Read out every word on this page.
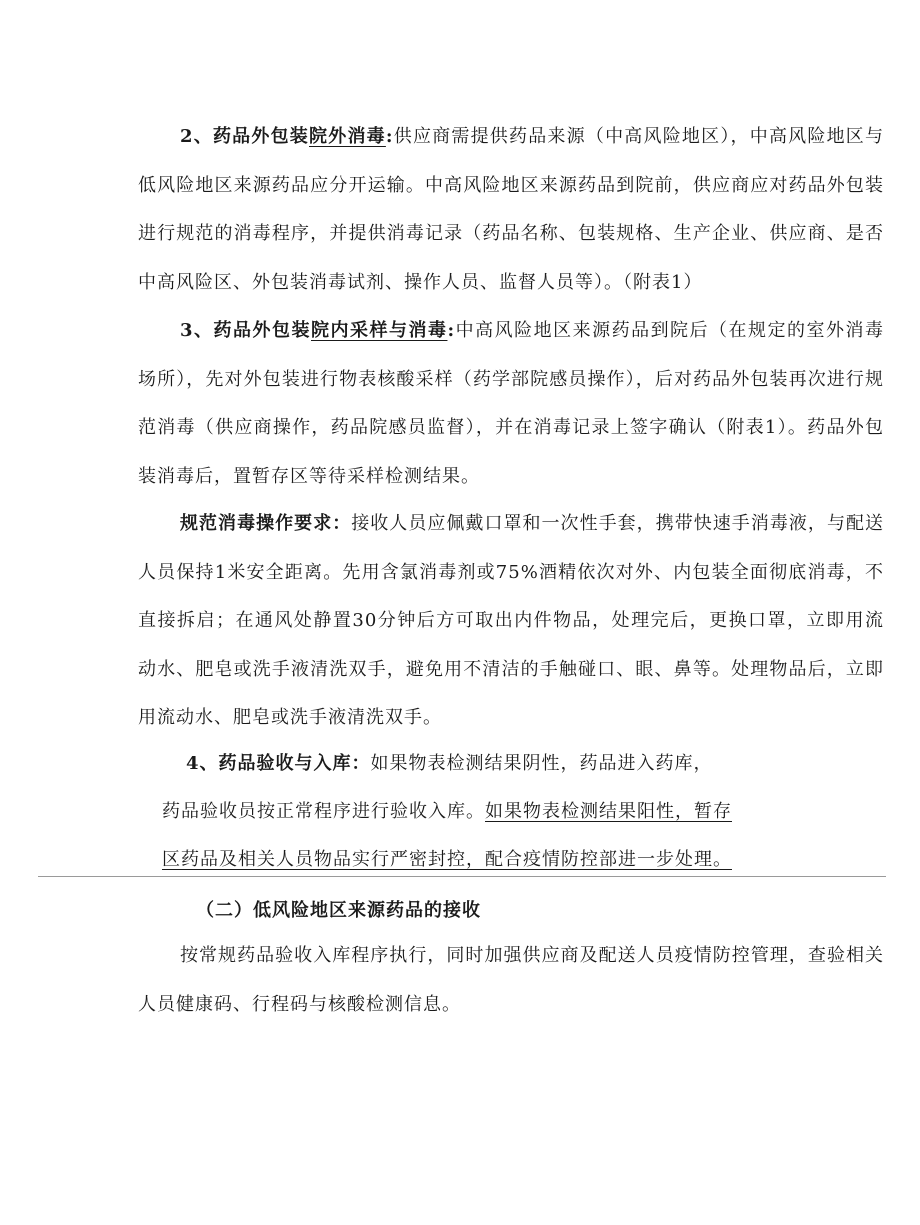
2、药品外包装院外消毒:供应商需提供药品来源（中高风险地区），中高风险地区与低风险地区来源药品应分开运输。中高风险地区来源药品到院前，供应商应对药品外包装进行规范的消毒程序，并提供消毒记录（药品名称、包装规格、生产企业、供应商、是否中高风险区、外包装消毒试剂、操作人员、监督人员等）。（附表1）

3、药品外包装院内采样与消毒:中高风险地区来源药品到院后（在规定的室外消毒场所），先对外包装进行物表核酸采样（药学部院感员操作），后对药品外包装再次进行规范消毒（供应商操作，药品院感员监督），并在消毒记录上签字确认（附表1）。药品外包装消毒后，置暂存区等待采样检测结果。

规范消毒操作要求：接收人员应佩戴口罩和一次性手套，携带快速手消毒液，与配送人员保持1米安全距离。先用含氯消毒剂或75%酒精依次对外、内包装全面彻底消毒，不直接拆启；在通风处静置30分钟后方可取出内件物品，处理完后，更换口罩，立即用流动水、肥皂或洗手液清洗双手，避免用不清洁的手触碰口、眼、鼻等。处理物品后，立即用流动水、肥皂或洗手液清洗双手。

4、药品验收与入库：如果物表检测结果阴性，药品进入药库，

药品验收员按正常程序进行验收入库。如果物表检测结果阳性，暂存

区药品及相关人员物品实行严密封控，配合疫情防控部进一步处理。

（二）低风险地区来源药品的接收

按常规药品验收入库程序执行，同时加强供应商及配送人员疫情防控管理，查验相关人员健康码、行程码与核酸检测信息。
